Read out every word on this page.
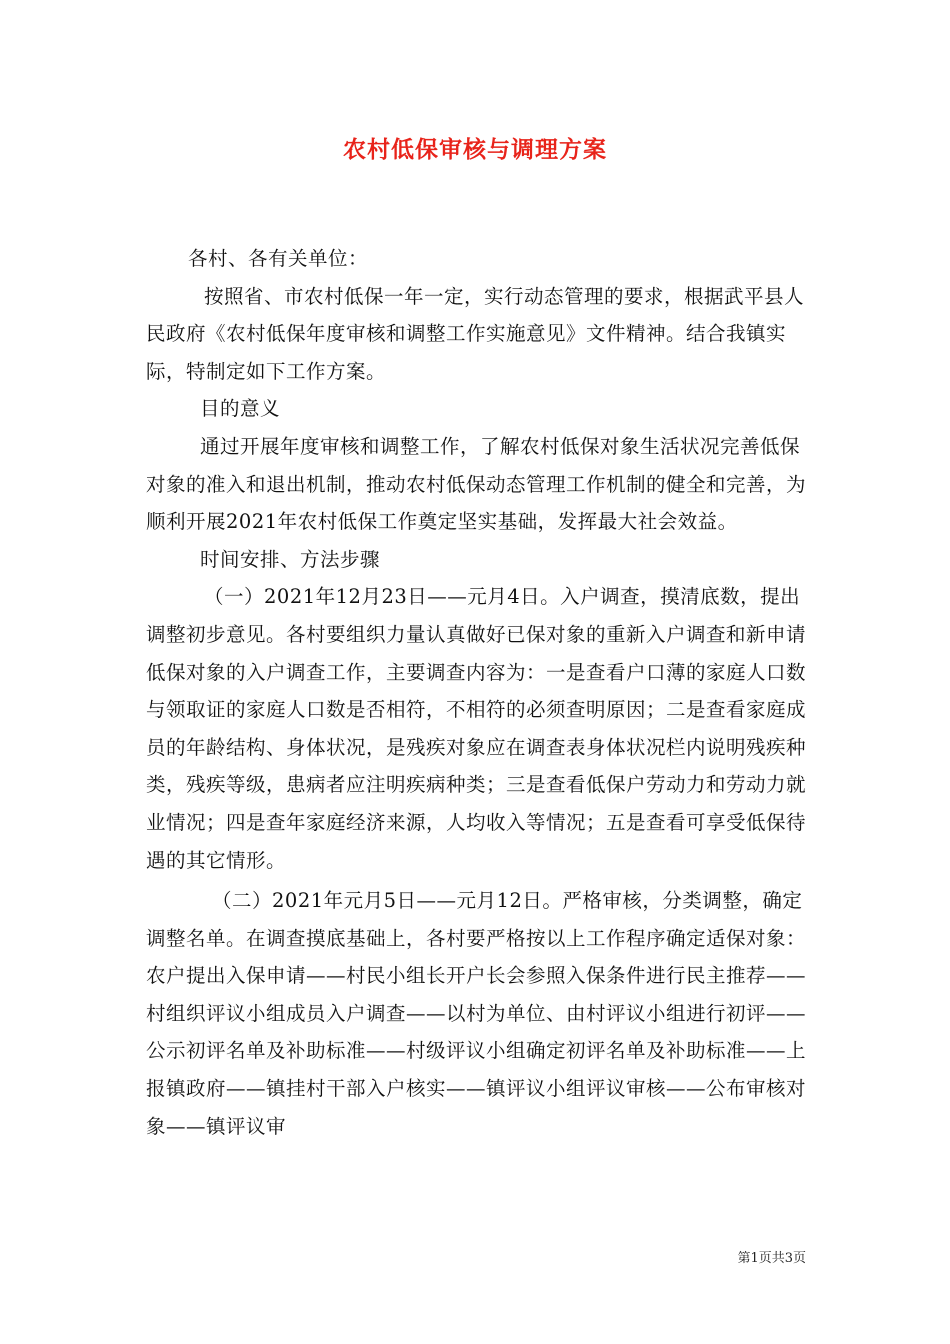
农村低保审核与调理方案

各村、各有关单位：

按照省、市农村低保一年一定，实行动态管理的要求，根据武平县人民政府《农村低保年度审核和调整工作实施意见》文件精神。结合我镇实际，特制定如下工作方案。

目的意义

通过开展年度审核和调整工作，了解农村低保对象生活状况完善低保对象的准入和退出机制，推动农村低保动态管理工作机制的健全和完善，为顺利开展2021年农村低保工作奠定坚实基础，发挥最大社会效益。

时间安排、方法步骤

（一）2021年12月23日——元月4日。入户调查，摸清底数，提出调整初步意见。各村要组织力量认真做好已保对象的重新入户调查和新申请低保对象的入户调查工作，主要调查内容为：一是查看户口薄的家庭人口数与领取证的家庭人口数是否相符，不相符的必须查明原因；二是查看家庭成员的年龄结构、身体状况，是残疾对象应在调查表身体状况栏内说明残疾种类，残疾等级，患病者应注明疾病种类；三是查看低保户劳动力和劳动力就业情况；四是查年家庭经济来源，人均收入等情况；五是查看可享受低保待遇的其它情形。

（二）2021年元月5日——元月12日。严格审核，分类调整，确定调整名单。在调查摸底基础上，各村要严格按以上工作程序确定适保对象：农户提出入保申请——村民小组长开户长会参照入保条件进行民主推荐——村组织评议小组成员入户调查——以村为单位、由村评议小组进行初评——公示初评名单及补助标准——村级评议小组确定初评名单及补助标准——上报镇政府——镇挂村干部入户核实——镇评议小组评议审核——公布审核对象——镇评议审

第1页共3页
